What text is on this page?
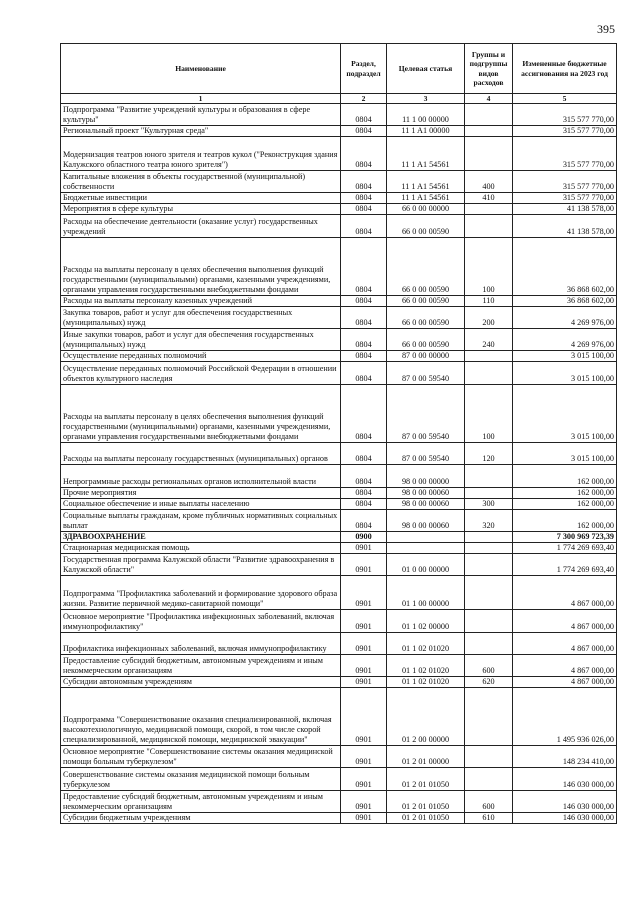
395
Наименование	Раздел, подраздел	Целевая статья	Группы и подгруппы видов расходов	Измененные бюджетные ассигнования на 2023 год
1	2	3	4	5
Подпрограмма "Развитие учреждений культуры и образования в сфере культуры"	0804	11 1 00 00000		315 577 770,00
Региональный проект "Культурная среда"	0804	11 1 A1 00000		315 577 770,00
Модернизация театров юного зрителя и театров кукол ("Реконструкция здания Калужского областного театра юного зрителя")	0804	11 1 A1 54561		315 577 770,00
Капитальные вложения в объекты государственной (муниципальной) собственности	0804	11 1 A1 54561	400	315 577 770,00
Бюджетные инвестиции	0804	11 1 A1 54561	410	315 577 770,00
Мероприятия в сфере культуры	0804	66 0 00 00000		41 138 578,00
Расходы на обеспечение деятельности (оказание услуг) государственных учреждений	0804	66 0 00 00590		41 138 578,00
Расходы на выплаты персоналу в целях обеспечения выполнения функций государственными (муниципальными) органами, казенными учреждениями, органами управления государственными внебюджетными фондами	0804	66 0 00 00590	100	36 868 602,00
Расходы на выплаты персоналу казенных учреждений	0804	66 0 00 00590	110	36 868 602,00
Закупка товаров, работ и услуг для обеспечения государственных (муниципальных) нужд	0804	66 0 00 00590	200	4 269 976,00
Иные закупки товаров, работ и услуг для обеспечения государственных (муниципальных) нужд	0804	66 0 00 00590	240	4 269 976,00
Осуществление переданных полномочий	0804	87 0 00 00000		3 015 100,00
Осуществление переданных полномочий Российской Федерации в отношении объектов культурного наследия	0804	87 0 00 59540		3 015 100,00
Расходы на выплаты персоналу в целях обеспечения выполнения функций государственными (муниципальными) органами, казенными учреждениями, органами управления государственными внебюджетными фондами	0804	87 0 00 59540	100	3 015 100,00
Расходы на выплаты персоналу государственных (муниципальных) органов	0804	87 0 00 59540	120	3 015 100,00
Непрограммные расходы региональных органов исполнительной власти	0804	98 0 00 00000		162 000,00
Прочие мероприятия	0804	98 0 00 00060		162 000,00
Социальное обеспечение и иные выплаты населению	0804	98 0 00 00060	300	162 000,00
Социальные выплаты гражданам, кроме публичных нормативных социальных выплат	0804	98 0 00 00060	320	162 000,00
ЗДРАВООХРАНЕНИЕ	0900			7 300 969 723,39
Стационарная медицинская помощь	0901			1 774 269 693,40
Государственная программа Калужской области "Развитие здравоохранения в Калужской области"	0901	01 0 00 00000		1 774 269 693,40
Подпрограмма "Профилактика заболеваний и формирование здорового образа жизни. Развитие первичной медико-санитарной помощи"	0901	01 1 00 00000		4 867 000,00
Основное мероприятие "Профилактика инфекционных заболеваний, включая иммунопрофилактику"	0901	01 1 02 00000		4 867 000,00
Профилактика инфекционных заболеваний, включая иммунопрофилактику	0901	01 1 02 01020		4 867 000,00
Предоставление субсидий бюджетным, автономным учреждениям и иным некоммерческим организациям	0901	01 1 02 01020	600	4 867 000,00
Субсидии автономным учреждениям	0901	01 1 02 01020	620	4 867 000,00
Подпрограмма "Совершенствование оказания специализированной, включая высокотехнологичную, медицинской помощи, скорой, в том числе скорой специализированной, медицинской помощи, медицинской эвакуации"	0901	01 2 00 00000		1 495 936 026,00
Основное мероприятие "Совершенствование системы оказания медицинской помощи больным туберкулезом"	0901	01 2 01 00000		148 234 410,00
Совершенствование системы оказания медицинской помощи больным туберкулезом	0901	01 2 01 01050		146 030 000,00
Предоставление субсидий бюджетным, автономным учреждениям и иным некоммерческим организациям	0901	01 2 01 01050	600	146 030 000,00
Субсидии бюджетным учреждениям	0901	01 2 01 01050	610	146 030 000,00
